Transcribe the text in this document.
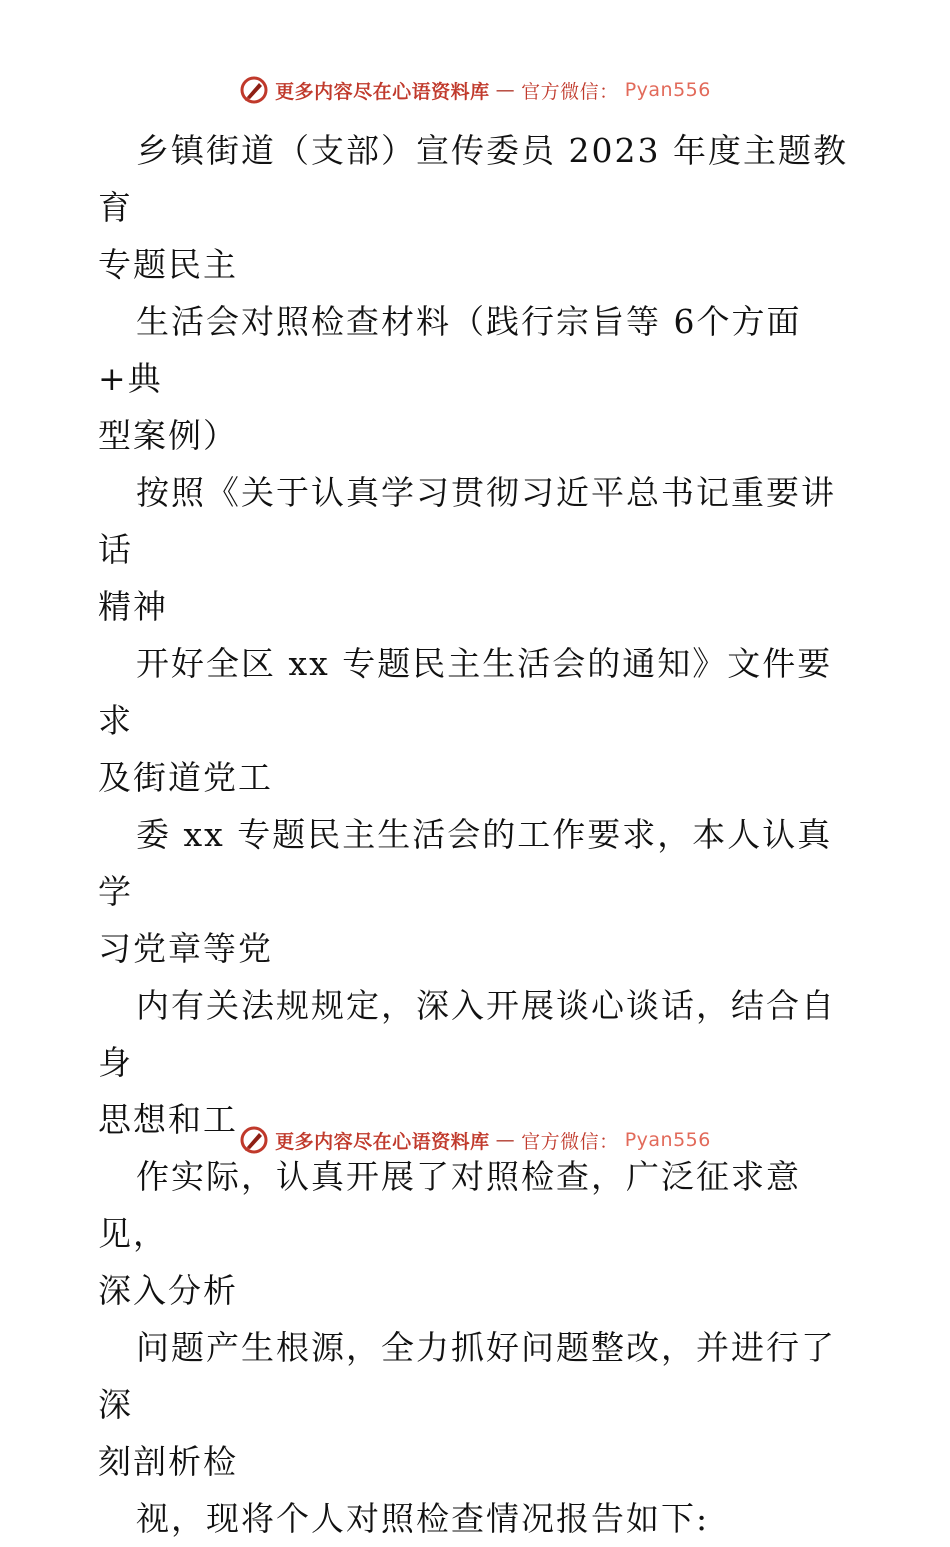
更多内容尽在心语资料库 — 官方微信： Pyan556

乡镇街道（支部）宣传委员 2023 年度主题教育
专题民主

生活会对照检查材料（践行宗旨等 6个方面+典
型案例）

按照《关于认真学习贯彻习近平总书记重要讲话
精神

开好全区 xx 专题民主生活会的通知》文件要求
及街道党工

委 xx 专题民主生活会的工作要求，本人认真学
习党章等党

内有关法规规定，深入开展谈心谈话，结合自身
思想和工

作实际，认真开展了对照检查，广泛征求意见，
深入分析

问题产生根源，全力抓好问题整改，并进行了深
刻剖析检

视，现将个人对照检查情况报告如下:

更多内容尽在心语资料库 — 官方微信： Pyan556
